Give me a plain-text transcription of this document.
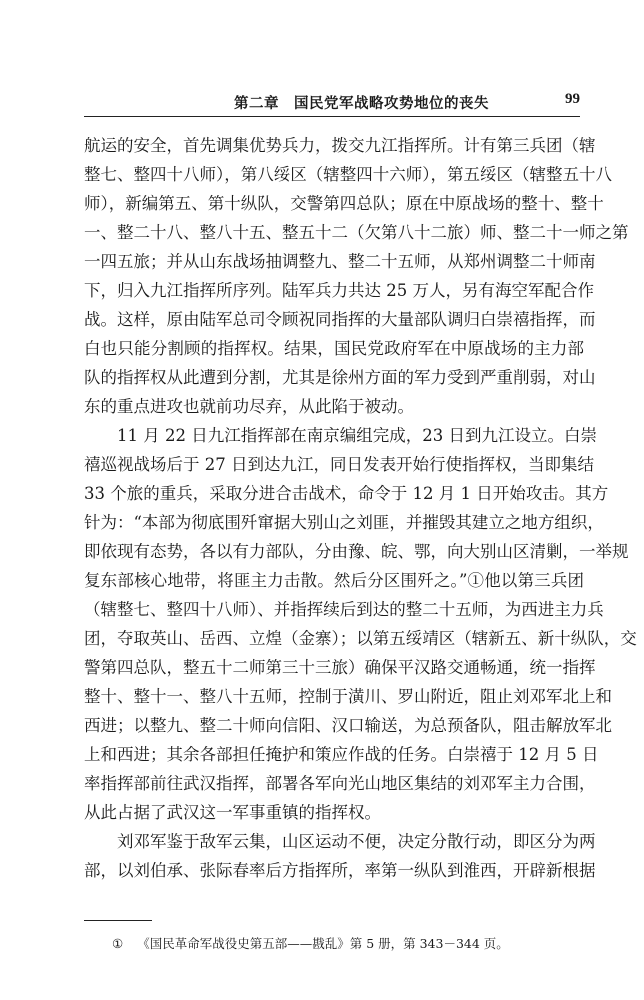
第二章　国民党军战略攻势地位的丧失	99
航运的安全，首先调集优势兵力，拨交九江指挥所。计有第三兵团（辖
整七、整四十八师），第八绥区（辖整四十六师），第五绥区（辖整五十八
师），新编第五、第十纵队，交警第四总队；原在中原战场的整十、整十
一、整二十八、整八十五、整五十二（欠第八十二旅）师、整二十一师之第
一四五旅；并从山东战场抽调整九、整二十五师，从郑州调整二十师南
下，归入九江指挥所序列。陆军兵力共达 25 万人，另有海空军配合作
战。这样，原由陆军总司令顾祝同指挥的大量部队调归白崇禧指挥，而
白也只能分割顾的指挥权。结果，国民党政府军在中原战场的主力部
队的指挥权从此遭到分割，尤其是徐州方面的军力受到严重削弱，对山
东的重点进攻也就前功尽弃，从此陷于被动。
11 月 22 日九江指挥部在南京编组完成，23 日到九江设立。白崇
禧巡视战场后于 27 日到达九江，同日发表开始行使指挥权，当即集结
33 个旅的重兵，采取分进合击战术，命令于 12 月 1 日开始攻击。其方
针为：“本部为彻底围歼窜据大别山之刘匪，并摧毁其建立之地方组织，
即依现有态势，各以有力部队，分由豫、皖、鄂，向大别山区清剿，一举规
复东部核心地带，将匪主力击散。然后分区围歼之。”①他以第三兵团
（辖整七、整四十八师）、并指挥续后到达的整二十五师，为西进主力兵
团，夺取英山、岳西、立煌（金寨）；以第五绥靖区（辖新五、新十纵队，交
警第四总队，整五十二师第三十三旅）确保平汉路交通畅通，统一指挥
整十、整十一、整八十五师，控制于潢川、罗山附近，阻止刘邓军北上和
西进；以整九、整二十师向信阳、汉口输送，为总预备队，阻击解放军北
上和西进；其余各部担任掩护和策应作战的任务。白崇禧于 12 月 5 日
率指挥部前往武汉指挥，部署各军向光山地区集结的刘邓军主力合围，
从此占据了武汉这一军事重镇的指挥权。
刘邓军鉴于敌军云集，山区运动不便，决定分散行动，即区分为两
部，以刘伯承、张际春率后方指挥所，率第一纵队到淮西，开辟新根据
① 《国民革命军战役史第五部——戡乱》第 5 册，第 343－344 页。
